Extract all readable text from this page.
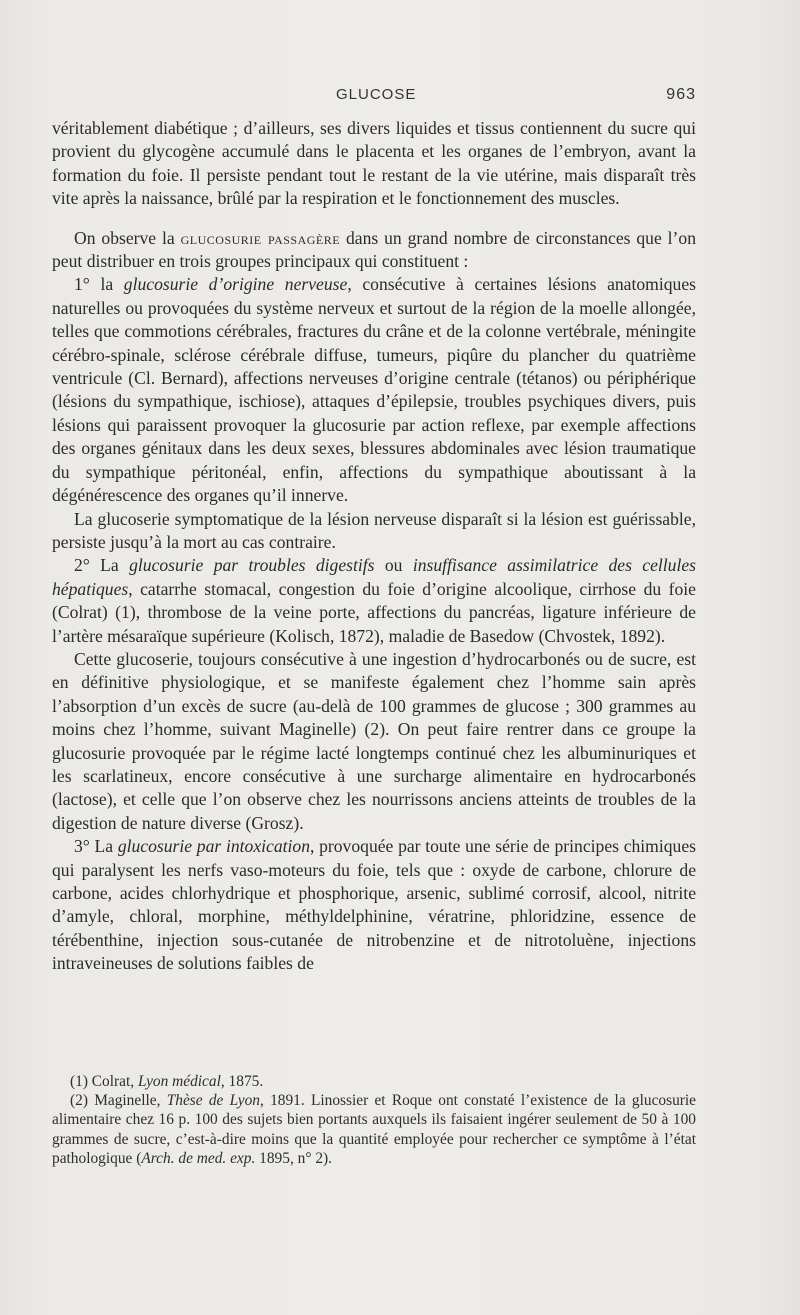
GLUCOSE	963

véritablement diabétique ; d’ailleurs, ses divers liquides et tissus contiennent du sucre qui provient du glycogène accumulé dans le placenta et les organes de l’embryon, avant la formation du foie. Il persiste pendant tout le restant de la vie utérine, mais disparaît très vite après la naissance, brûlé par la respiration et le fonctionnement des muscles.

On observe la glucosurie passagère dans un grand nombre de circonstances que l’on peut distribuer en trois groupes principaux qui constituent :

1° la glucosurie d’origine nerveuse, consécutive à certaines lésions anatomiques naturelles ou provoquées du système nerveux et surtout de la région de la moelle allongée, telles que commotions cérébrales, fractures du crâne et de la colonne vertébrale, méningite cérébro-spinale, sclérose cérébrale diffuse, tumeurs, piqûre du plancher du quatrième ventricule (Cl. Bernard), affections nerveuses d’origine centrale (tétanos) ou périphérique (lésions du sympathique, ischiose), attaques d’épilepsie, troubles psychiques divers, puis lésions qui paraissent provoquer la glucosurie par action reflexe, par exemple affections des organes génitaux dans les deux sexes, blessures abdominales avec lésion traumatique du sympathique péritonéal, enfin, affections du sympathique aboutissant à la dégénérescence des organes qu’il innerve.

La glucoserie symptomatique de la lésion nerveuse disparaît si la lésion est guérissable, persiste jusqu’à la mort au cas contraire.

2° La glucosurie par troubles digestifs ou insuffisance assimilatrice des cellules hépatiques, catarrhe stomacal, congestion du foie d’origine alcoolique, cirrhose du foie (Colrat) (1), thrombose de la veine porte, affections du pancréas, ligature inférieure de l’artère mésaraïque supérieure (Kolisch, 1872), maladie de Basedow (Chvostek, 1892).

Cette glucoserie, toujours consécutive à une ingestion d’hydrocarbonés ou de sucre, est en définitive physiologique, et se manifeste également chez l’homme sain après l’absorption d’un excès de sucre (au-delà de 100 grammes de glucose ; 300 grammes au moins chez l’homme, suivant Maginelle) (2). On peut faire rentrer dans ce groupe la glucosurie provoquée par le régime lacté longtemps continué chez les albuminuriques et les scarlatineux, encore consécutive à une surcharge alimentaire en hydrocarbonés (lactose), et celle que l’on observe chez les nourrissons anciens atteints de troubles de la digestion de nature diverse (Grosz).

3° La glucosurie par intoxication, provoquée par toute une série de principes chimiques qui paralysent les nerfs vaso-moteurs du foie, tels que : oxyde de carbone, chlorure de carbone, acides chlorhydrique et phosphorique, arsenic, sublimé corrosif, alcool, nitrite d’amyle, chloral, morphine, méthyldelphinine, vératrine, phloridzine, essence de térébenthine, injection sous-cutanée de nitrobenzine et de nitrotoluène, injections intraveineuses de solutions faibles de

(1) Colrat, Lyon médical, 1875.

(2) Maginelle, Thèse de Lyon, 1891. Linossier et Roque ont constaté l’existence de la glucosurie alimentaire chez 16 p. 100 des sujets bien portants auxquels ils faisaient ingérer seulement de 50 à 100 grammes de sucre, c’est-à-dire moins que la quantité employée pour rechercher ce symptôme à l’état pathologique (Arch. de med. exp. 1895, n° 2).
